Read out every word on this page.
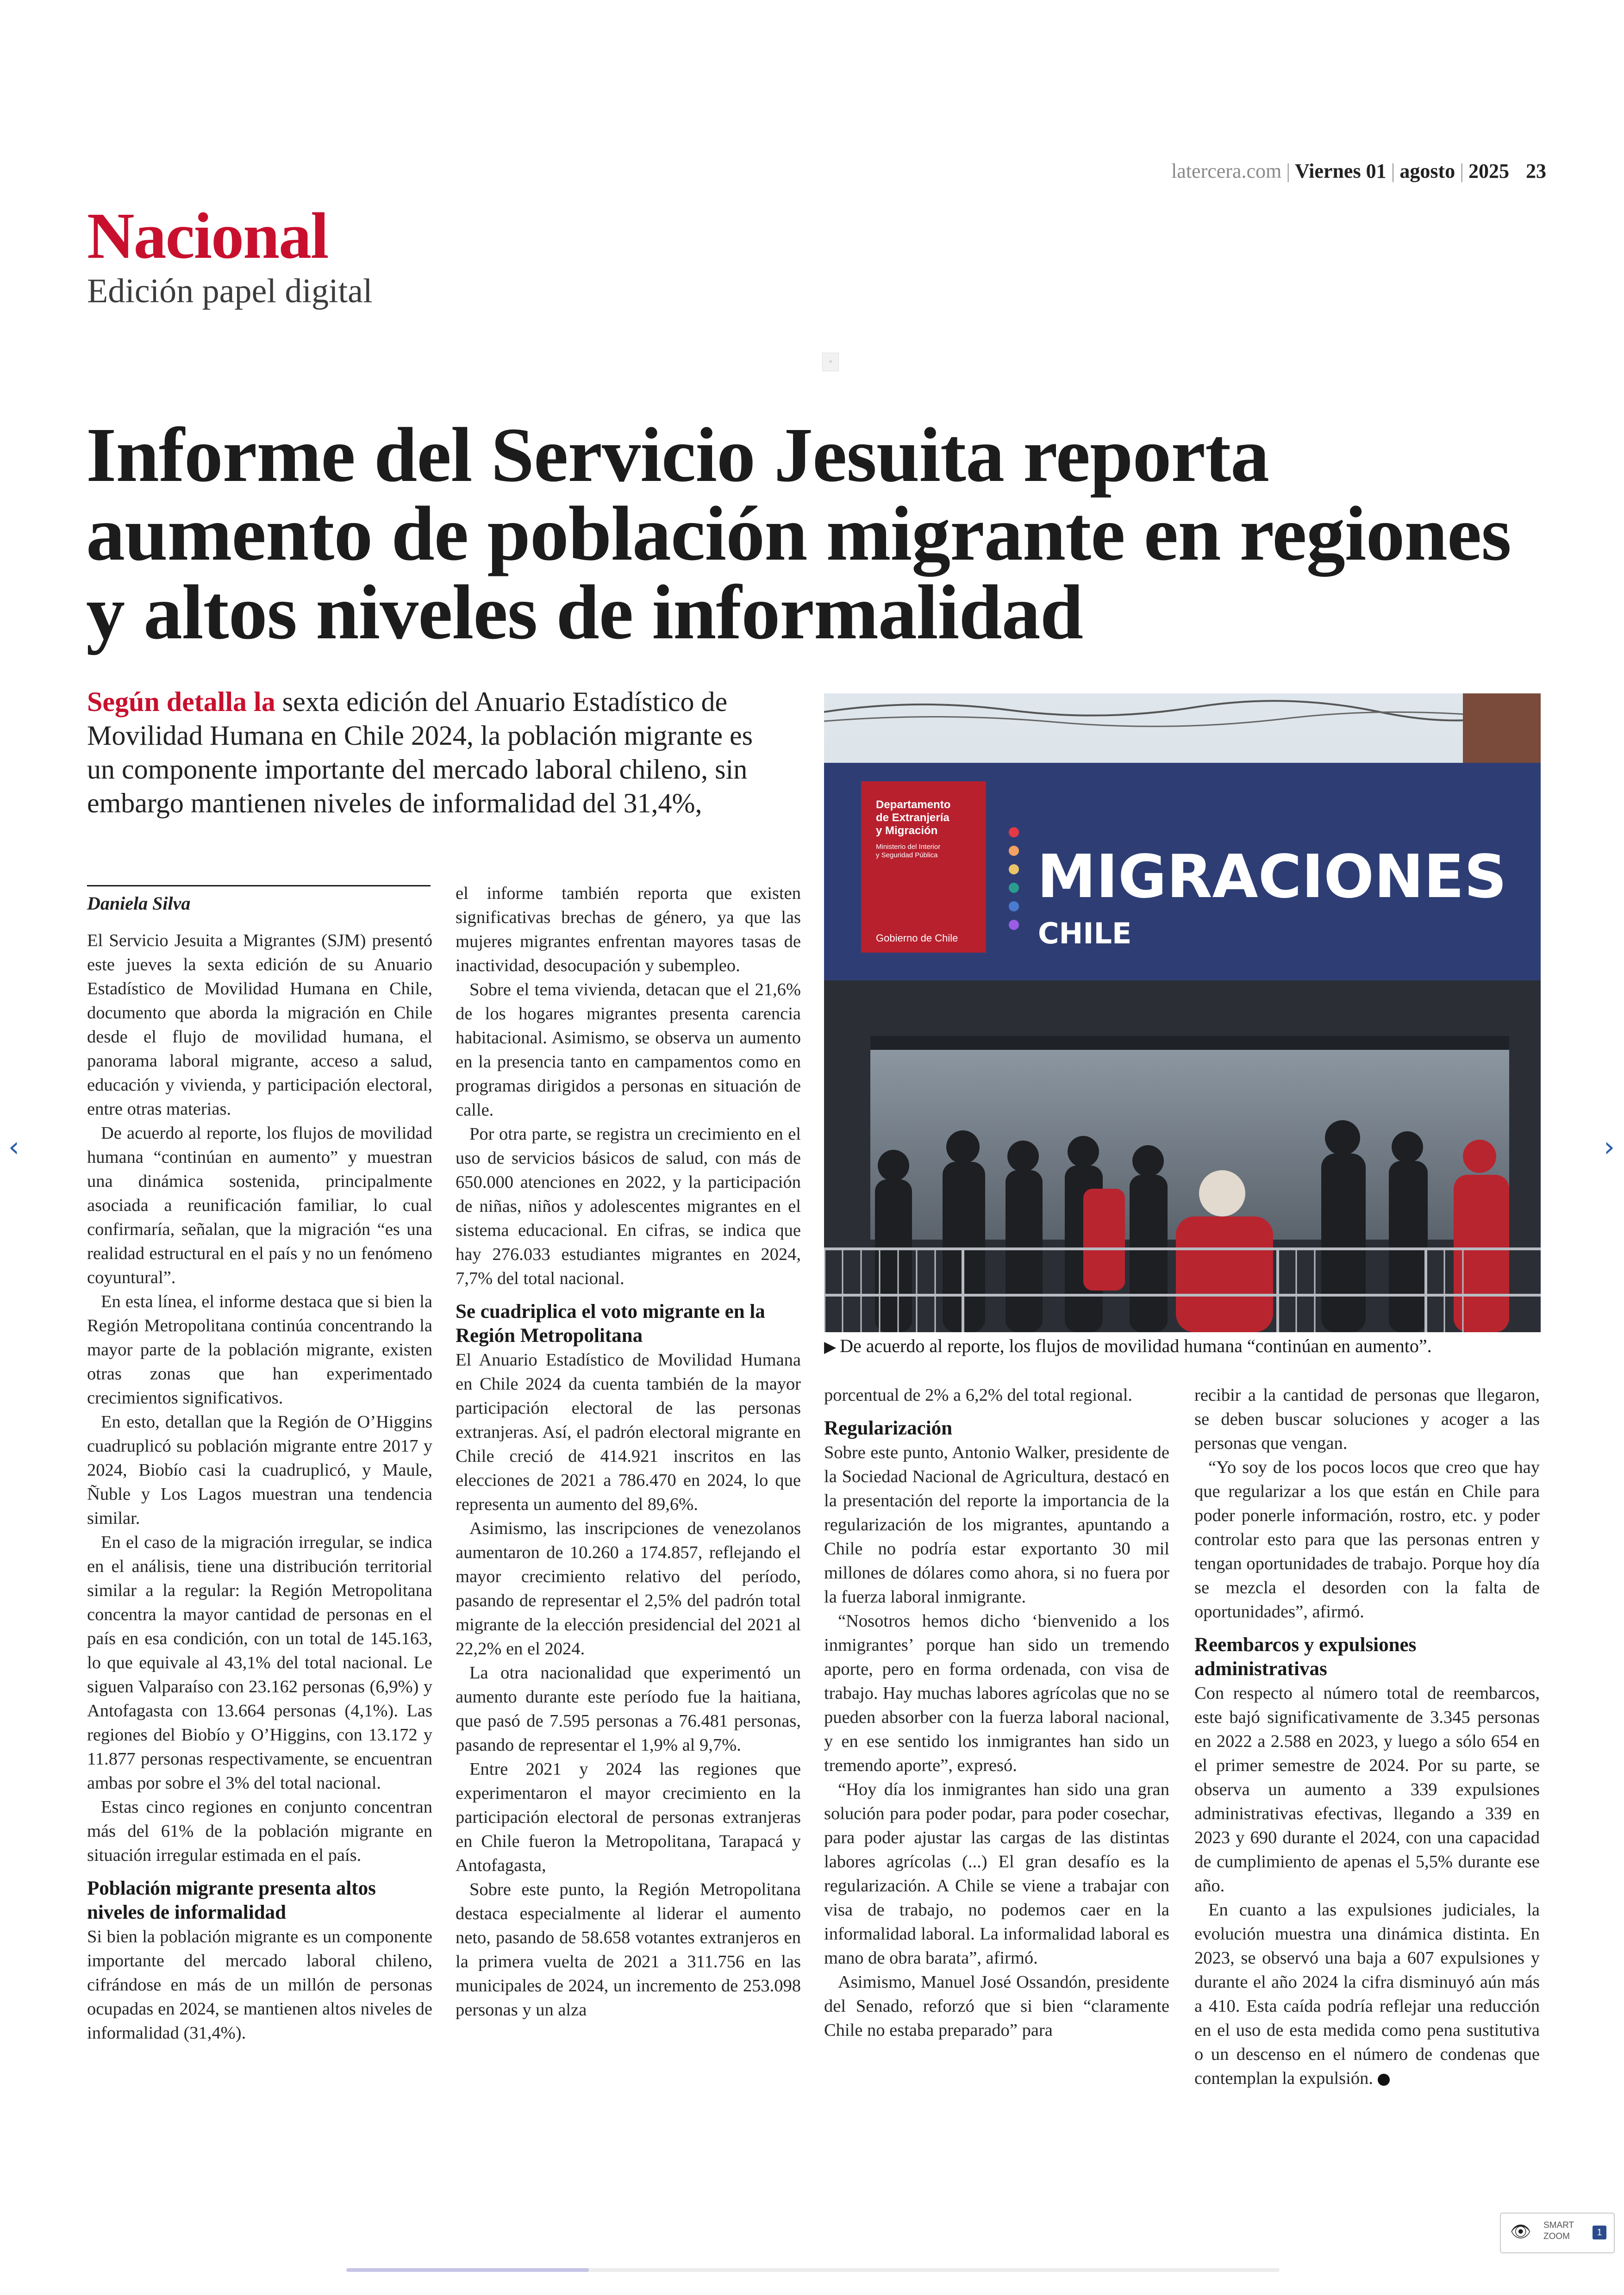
latercera.com | Viernes 01 | agosto | 2025 23
Nacional
Edición papel digital
▫
Informe del Servicio Jesuita reporta aumento de población migrante en regiones y altos niveles de informalidad
Según detalla la sexta edición del Anuario Estadístico de Movilidad Humana en Chile 2024, la población migrante es un componente importante del mercado laboral chileno, sin embargo mantienen niveles de informalidad del 31,4%,	Departamento
de Extranjería
y Migración
Ministerio del Interior
y Seguridad Pública
Gobierno de Chile
MIGRACIONES
CHILE
▶ De acuerdo al reporte, los flujos de movilidad humana “continúan en aumento”.
Daniela Silva

El Servicio Jesuita a Migrantes (SJM) presentó este jueves la sexta edición de su Anuario Estadístico de Movilidad Humana en Chile, documento que aborda la migración en Chile desde el flujo de movilidad humana, el panorama laboral migrante, acceso a salud, educación y vivienda, y participación electoral, entre otras materias.

De acuerdo al reporte, los flujos de movilidad humana “continúan en aumento” y muestran una dinámica sostenida, principalmente asociada a reunificación familiar, lo cual confirmaría, señalan, que la migración “es una realidad estructural en el país y no un fenómeno coyuntural”.

En esta línea, el informe destaca que si bien la Región Metropolitana continúa concentrando la mayor parte de la población migrante, existen otras zonas que han experimentado crecimientos significativos.

En esto, detallan que la Región de O’Higgins cuadruplicó su población migrante entre 2017 y 2024, Biobío casi la cuadruplicó, y Maule, Ñuble y Los Lagos muestran una tendencia similar.

En el caso de la migración irregular, se indica en el análisis, tiene una distribución territorial similar a la regular: la Región Metropolitana concentra la mayor cantidad de personas en el país en esa condición, con un total de 145.163, lo que equivale al 43,1% del total nacional. Le siguen Valparaíso con 23.162 personas (6,9%) y Antofagasta con 13.664 personas (4,1%). Las regiones del Biobío y O’Higgins, con 13.172 y 11.877 personas respectivamente, se encuentran ambas por sobre el 3% del total nacional.

Estas cinco regiones en conjunto concentran más del 61% de la población migrante en situación irregular estimada en el país.

Población migrante presenta altos niveles de informalidad

Si bien la población migrante es un componente importante del mercado laboral chileno, cifrándose en más de un millón de personas ocupadas en 2024, se mantienen altos niveles de informalidad (31,4%).

el informe también reporta que existen significativas brechas de género, ya que las mujeres migrantes enfrentan mayores tasas de inactividad, desocupación y subempleo.

Sobre el tema vivienda, detacan que el 21,6% de los hogares migrantes presenta carencia habitacional. Asimismo, se observa un aumento en la presencia tanto en campamentos como en programas dirigidos a personas en situación de calle.

Por otra parte, se registra un crecimiento en el uso de servicios básicos de salud, con más de 650.000 atenciones en 2022, y la participación de niñas, niños y adolescentes migrantes en el sistema educacional. En cifras, se indica que hay 276.033 estudiantes migrantes en 2024, 7,7% del total nacional.

Se cuadriplica el voto migrante en la Región Metropolitana

El Anuario Estadístico de Movilidad Humana en Chile 2024 da cuenta también de la mayor participación electoral de las personas extranjeras. Así, el padrón electoral migrante en Chile creció de 414.921 inscritos en las elecciones de 2021 a 786.470 en 2024, lo que representa un aumento del 89,6%.

Asimismo, las inscripciones de venezolanos aumentaron de 10.260 a 174.857, reflejando el mayor crecimiento relativo del período, pasando de representar el 2,5% del padrón total migrante de la elección presidencial del 2021 al 22,2% en el 2024.

La otra nacionalidad que experimentó un aumento durante este período fue la haitiana, que pasó de 7.595 personas a 76.481 personas, pasando de representar el 1,9% al 9,7%.

Entre 2021 y 2024 las regiones que experimentaron el mayor crecimiento en la participación electoral de personas extranjeras en Chile fueron la Metropolitana, Tarapacá y Antofagasta,

Sobre este punto, la Región Metropolitana destaca especialmente al liderar el aumento neto, pasando de 58.658 votantes extranjeros en la primera vuelta de 2021 a 311.756 en las municipales de 2024, un incremento de 253.098 personas y un alza

porcentual de 2% a 6,2% del total regional.

Regularización

Sobre este punto, Antonio Walker, presidente de la Sociedad Nacional de Agricultura, destacó en la presentación del reporte la importancia de la regularización de los migrantes, apuntando a Chile no podría estar exportanto 30 mil millones de dólares como ahora, si no fuera por la fuerza laboral inmigrante.

“Nosotros hemos dicho ‘bienvenido a los inmigrantes’ porque han sido un tremendo aporte, pero en forma ordenada, con visa de trabajo. Hay muchas labores agrícolas que no se pueden absorber con la fuerza laboral nacional, y en ese sentido los inmigrantes han sido un tremendo aporte”, expresó.

“Hoy día los inmigrantes han sido una gran solución para poder podar, para poder cosechar, para poder ajustar las cargas de las distintas labores agrícolas (...) El gran desafío es la regularización. A Chile se viene a trabajar con visa de trabajo, no podemos caer en la informalidad laboral. La informalidad laboral es mano de obra barata”, afirmó.

Asimismo, Manuel José Ossandón, presidente del Senado, reforzó que si bien “claramente Chile no estaba preparado” para

recibir a la cantidad de personas que llegaron, se deben buscar soluciones y acoger a las personas que vengan.

“Yo soy de los pocos locos que creo que hay que regularizar a los que están en Chile para poder ponerle información, rostro, etc. y poder controlar esto para que las personas entren y tengan oportunidades de trabajo. Porque hoy día se mezcla el desorden con la falta de oportunidades”, afirmó.

Reembarcos y expulsiones administrativas

Con respecto al número total de reembarcos, este bajó significativamente de 3.345 personas en 2022 a 2.588 en 2023, y luego a sólo 654 en el primer semestre de 2024. Por su parte, se observa un aumento a 339 expulsiones administrativas efectivas, llegando a 339 en 2023 y 690 durante el 2024, con una capacidad de cumplimiento de apenas el 5,5% durante ese año.

En cuanto a las expulsiones judiciales, la evolución muestra una dinámica distinta. En 2023, se observó una baja a 607 expulsiones y durante el año 2024 la cifra disminuyó aún más a 410. Esta caída podría reflejar una reducción en el uso de esta medida como pena sustitutiva o un descenso en el número de condenas que contemplan la expulsión.

‹	›
👁 SMART
ZOOM	1
